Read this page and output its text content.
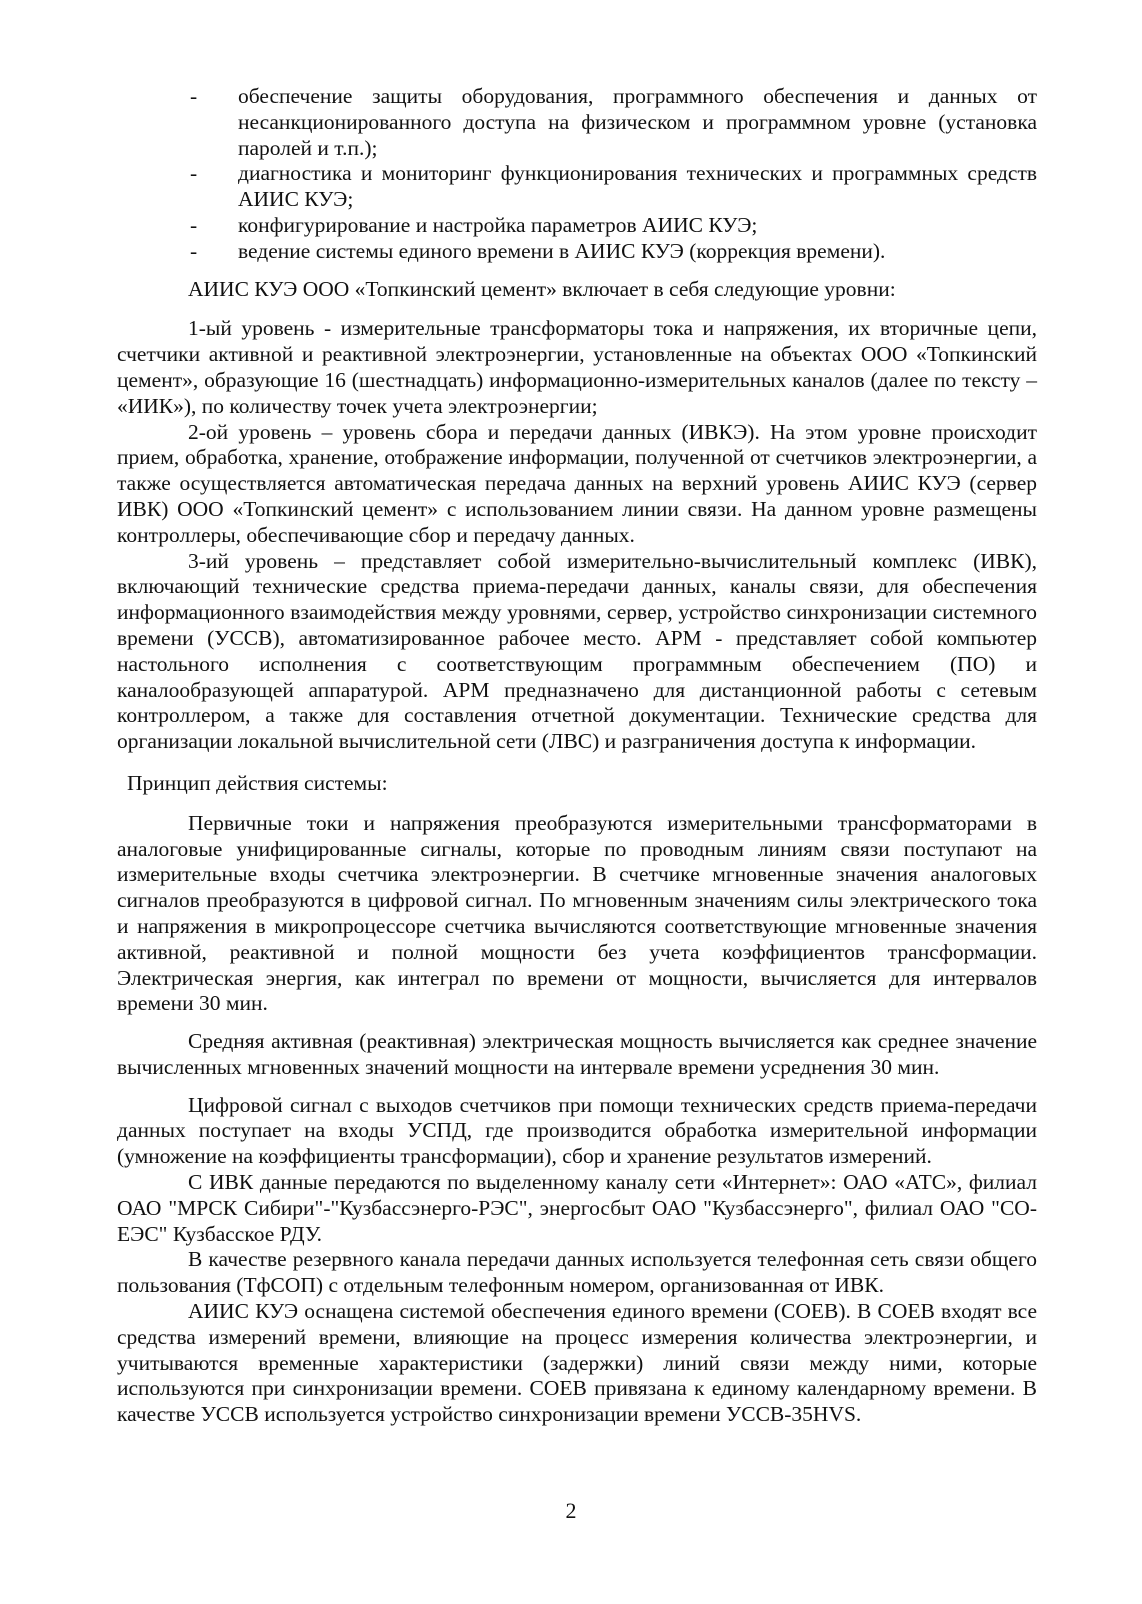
- обеспечение защиты оборудования, программного обеспечения и данных от несанкционированного доступа на физическом и программном уровне (установка паролей и т.п.);
- диагностика и мониторинг функционирования технических и программных средств АИИС КУЭ;
- конфигурирование и настройка параметров АИИС КУЭ;
- ведение системы единого времени в АИИС КУЭ (коррекция времени).

АИИС КУЭ ООО «Топкинский цемент» включает в себя следующие уровни:

1-ый уровень - измерительные трансформаторы тока и напряжения, их вторичные цепи, счетчики активной и реактивной электроэнергии, установленные на объектах ООО «Топкинский цемент», образующие 16 (шестнадцать) информационно-измерительных каналов (далее по тексту – «ИИК»), по количеству точек учета электроэнергии;

2-ой уровень – уровень сбора и передачи данных (ИВКЭ). На этом уровне происходит прием, обработка, хранение, отображение информации, полученной от счетчиков электроэнергии, а также осуществляется автоматическая передача данных на верхний уровень АИИС КУЭ (сервер ИВК) ООО «Топкинский цемент» с использованием линии связи. На данном уровне размещены контроллеры, обеспечивающие сбор и передачу данных.

3-ий уровень – представляет собой измерительно-вычислительный комплекс (ИВК), включающий технические средства приема-передачи данных, каналы связи, для обеспечения информационного взаимодействия между уровнями, сервер, устройство синхронизации системного времени (УССВ), автоматизированное рабочее место. АРМ - представляет собой компьютер настольного исполнения с соответствующим программным обеспечением (ПО) и каналообразующей аппаратурой. АРМ предназначено для дистанционной работы с сетевым контроллером, а также для составления отчетной документации. Технические средства для организации локальной вычислительной сети (ЛВС) и разграничения доступа к информации.

Принцип действия системы:

Первичные токи и напряжения преобразуются измерительными трансформаторами в аналоговые унифицированные сигналы, которые по проводным линиям связи поступают на измерительные входы счетчика электроэнергии. В счетчике мгновенные значения аналоговых сигналов преобразуются в цифровой сигнал. По мгновенным значениям силы электрического тока и напряжения в микропроцессоре счетчика вычисляются соответствующие мгновенные значения активной, реактивной и полной мощности без учета коэффициентов трансформации. Электрическая энергия, как интеграл по времени от мощности, вычисляется для интервалов времени 30 мин.

Средняя активная (реактивная) электрическая мощность вычисляется как среднее значение вычисленных мгновенных значений мощности на интервале времени усреднения 30 мин.

Цифровой сигнал с выходов счетчиков при помощи технических средств приема-передачи данных поступает на входы УСПД, где производится обработка измерительной информации (умножение на коэффициенты трансформации), сбор и хранение результатов измерений.

С ИВК данные передаются по выделенному каналу сети «Интернет»: ОАО «АТС», филиал ОАО "МРСК Сибири"-"Кузбассэнерго-РЭС", энергосбыт ОАО "Кузбассэнерго", филиал ОАО "СО-ЕЭС" Кузбасское РДУ.

В качестве резервного канала передачи данных используется телефонная сеть связи общего пользования (ТфСОП) с отдельным телефонным номером, организованная от ИВК.

АИИС КУЭ оснащена системой обеспечения единого времени (СОЕВ). В СОЕВ входят все средства измерений времени, влияющие на процесс измерения количества электроэнергии, и учитываются временные характеристики (задержки) линий связи между ними, которые используются при синхронизации времени. СОЕВ привязана к единому календарному времени. В качестве УССВ используется устройство синхронизации времени УССВ-35HVS.

2
